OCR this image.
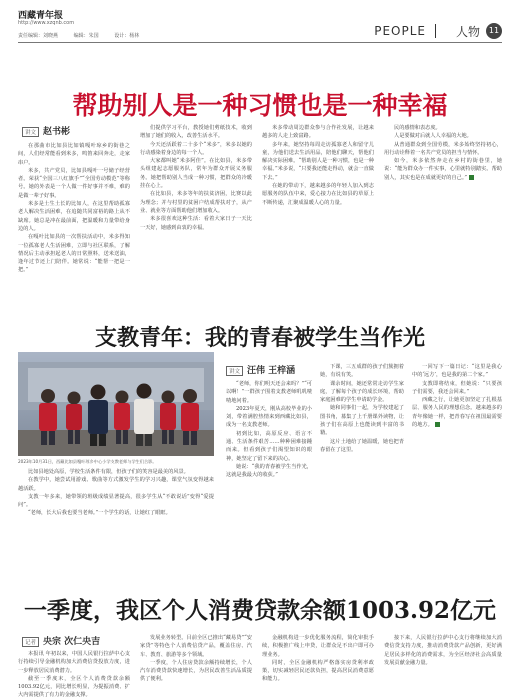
西藏青年报
http://www.xzqnb.com
责任编辑：刘晓燕	编辑：朱国	设计：杨林	PEOPLE 人物	11
帮助别人是一种习惯也是一种幸福
讲文 赵书彬

在那曲市比如县比如镇嘎叶琼乡的街巷之间，人们经常能看到米多，鸣笛来回奔走，走家串户。

米多，共产党员，比如县嘎叶一号储子经营者。荣获“全国三八红旗手”“全国劳动模范”等称号。她的外表是一个人做一件好事并不难，难的是做一辈子好事。

米多是土生土长的比如人，在这里帮助孤寡老人解决生活困难，在追随共同富裕的路上从不缺席。她总是冲在最前面，把温暖和力量带给身边的人。

在嘎叶比如县的一次帮扶活动中，米多得知一位孤寡老人生活困难，立即与社区联系，了解情况后主动承担起老人的日常照料，送米送油，逢年过节还上门陪伴。她常说：“能帮一把是一把。”

们提供学习平台，教授她们剪纸技术，收到增加了她们的收入，改善生活水平。

今天还活跃着二十多个“米多”，米多以她的行动感染着身边的每一个人。

大家都叫她“米多阿佳”。在比如县，米多带头组建起志愿服务队，常年为群众开展义务服务。她把帮助别人当成一种习惯，把群众的冷暖挂在心上。

在比如县，米多等年的扶贫济困，比赛以此为理念；并与村里的贫困户结成帮扶对子，从产业、就业等方面帮助他们增加收入。

米多很喜欢这种生活：看着大家日子一天比一天好，她感到由衷的幸福。

米多带动周边群众参与合作社发展，让越来越多的人走上致富路。

多年来，她坚持每周走访孤寡老人和留守儿童，为他们送去生活用品，陪他们聊天，帮他们解决实际困难。“帮助别人是一种习惯，也是一种幸福。”米多说，“只要我还能走得动，就会一直做下去。”

在她的带动下，越来越多的年轻人加入到志愿服务的队伍中来，爱心接力在比如县的草原上不断传递，汇聚成温暖人心的力量。

民的感情和表态度。

人是要做对后就人人幸福的大地。

从普通群众到全国劳模，米多始终坚持初心，用行动诠释着一名共产党员的担当与情怀。

如今，米多依然奔走在乡村的街巷里，她说：“能为群众办一件实事，心里就特别踏实。帮助别人，其实也是在成就更好的自己。”

支教青年：我的青春被学生当作光
2023年10月31日，西藏比如县嘎叶琼乡中心小学支教老师与学生们合影。
讲文 汪伟 王梓涵

“老师，你们明天还会来吗？”“可以啊！”一群孩子围着支教老师叽叽喳喳地问着。

2023年夏天，刚从高校毕业的小刘，带着满腔热情来到西藏比如县，成为一名支教老师。

初到比如，高原反应、语言不通、生活条件艰苦……种种困难接踵而来。但看到孩子们渴望知识的眼神，她坚定了留下来的决心。

她说：“我的青春被学生当作光，这就是我最大的收获。”

比如县地处高原，学校生活条件有限，但孩子们的笑容是最美的风景。

在教学中，她尝试用游戏、歌曲等方式激发学生的学习兴趣，课堂气氛变得越来越活跃。

支教一年多来，她带领的班级成绩显著提高，很多学生从“不敢说话”变得“爱提问”。

“老师，长大后我也要当老师。”一个学生的话，让她红了眼眶。

下课，三五成群的孩子们簇拥着她，有说有笑。

课余时间，她还常常走访学生家庭，了解每个孩子的成长环境，帮助家庭困难的学生申请助学金。

她和同事们一起，为学校建起了图书角，募集了上千册课外读物，让孩子们在高原上也能读到丰富的书籍。

这片土地给了她温暖，她也把青春留在了这里。

一回写下一篇日记：“这里是我心中的‘远方’，也是我的第二个家。”

支教即将结束，但她说：“只要孩子们需要，我还会回来。”

西藏之行，让她更加坚定了扎根基层、服务人民的理想信念。越来越多的青年像她一样，把青春写在祖国最需要的地方。

一季度，我区个人消费贷款余额1003.92亿元
记者 央宗 次仁央吉

本报讯 年初以来，中国人民银行拉萨中心支行持续引导金融机构加大消费信贷投放力度，进一步释放居民消费潜力。

截至一季度末，全区个人消费贷款余额1003.92亿元，同比增长明显，为提振消费、扩大内需提供了有力的金融支撑。

发展业务转型。目前全区已推出“藏易贷”“安家贷”等特色个人消费信贷产品，覆盖住房、汽车、教育、旅游等多个领域。

一季度，个人住房贷款余额持续增长，个人汽车消费贷款快速增长，为居民改善生活品质提供了便利。

金融机构进一步优化服务流程，简化审批手续，积极推广线上申贷，让群众足不出户即可办理业务。

同时，全区金融机构严格落实房贷利率政策，切实减轻居民还款负担，提高居民消费意愿和能力。

接下来，人民银行拉萨中心支行将继续加大消费信贷支持力度，推动消费贷款产品创新，更好满足居民多样化的消费需求，为全区经济社会高质量发展贡献金融力量。
